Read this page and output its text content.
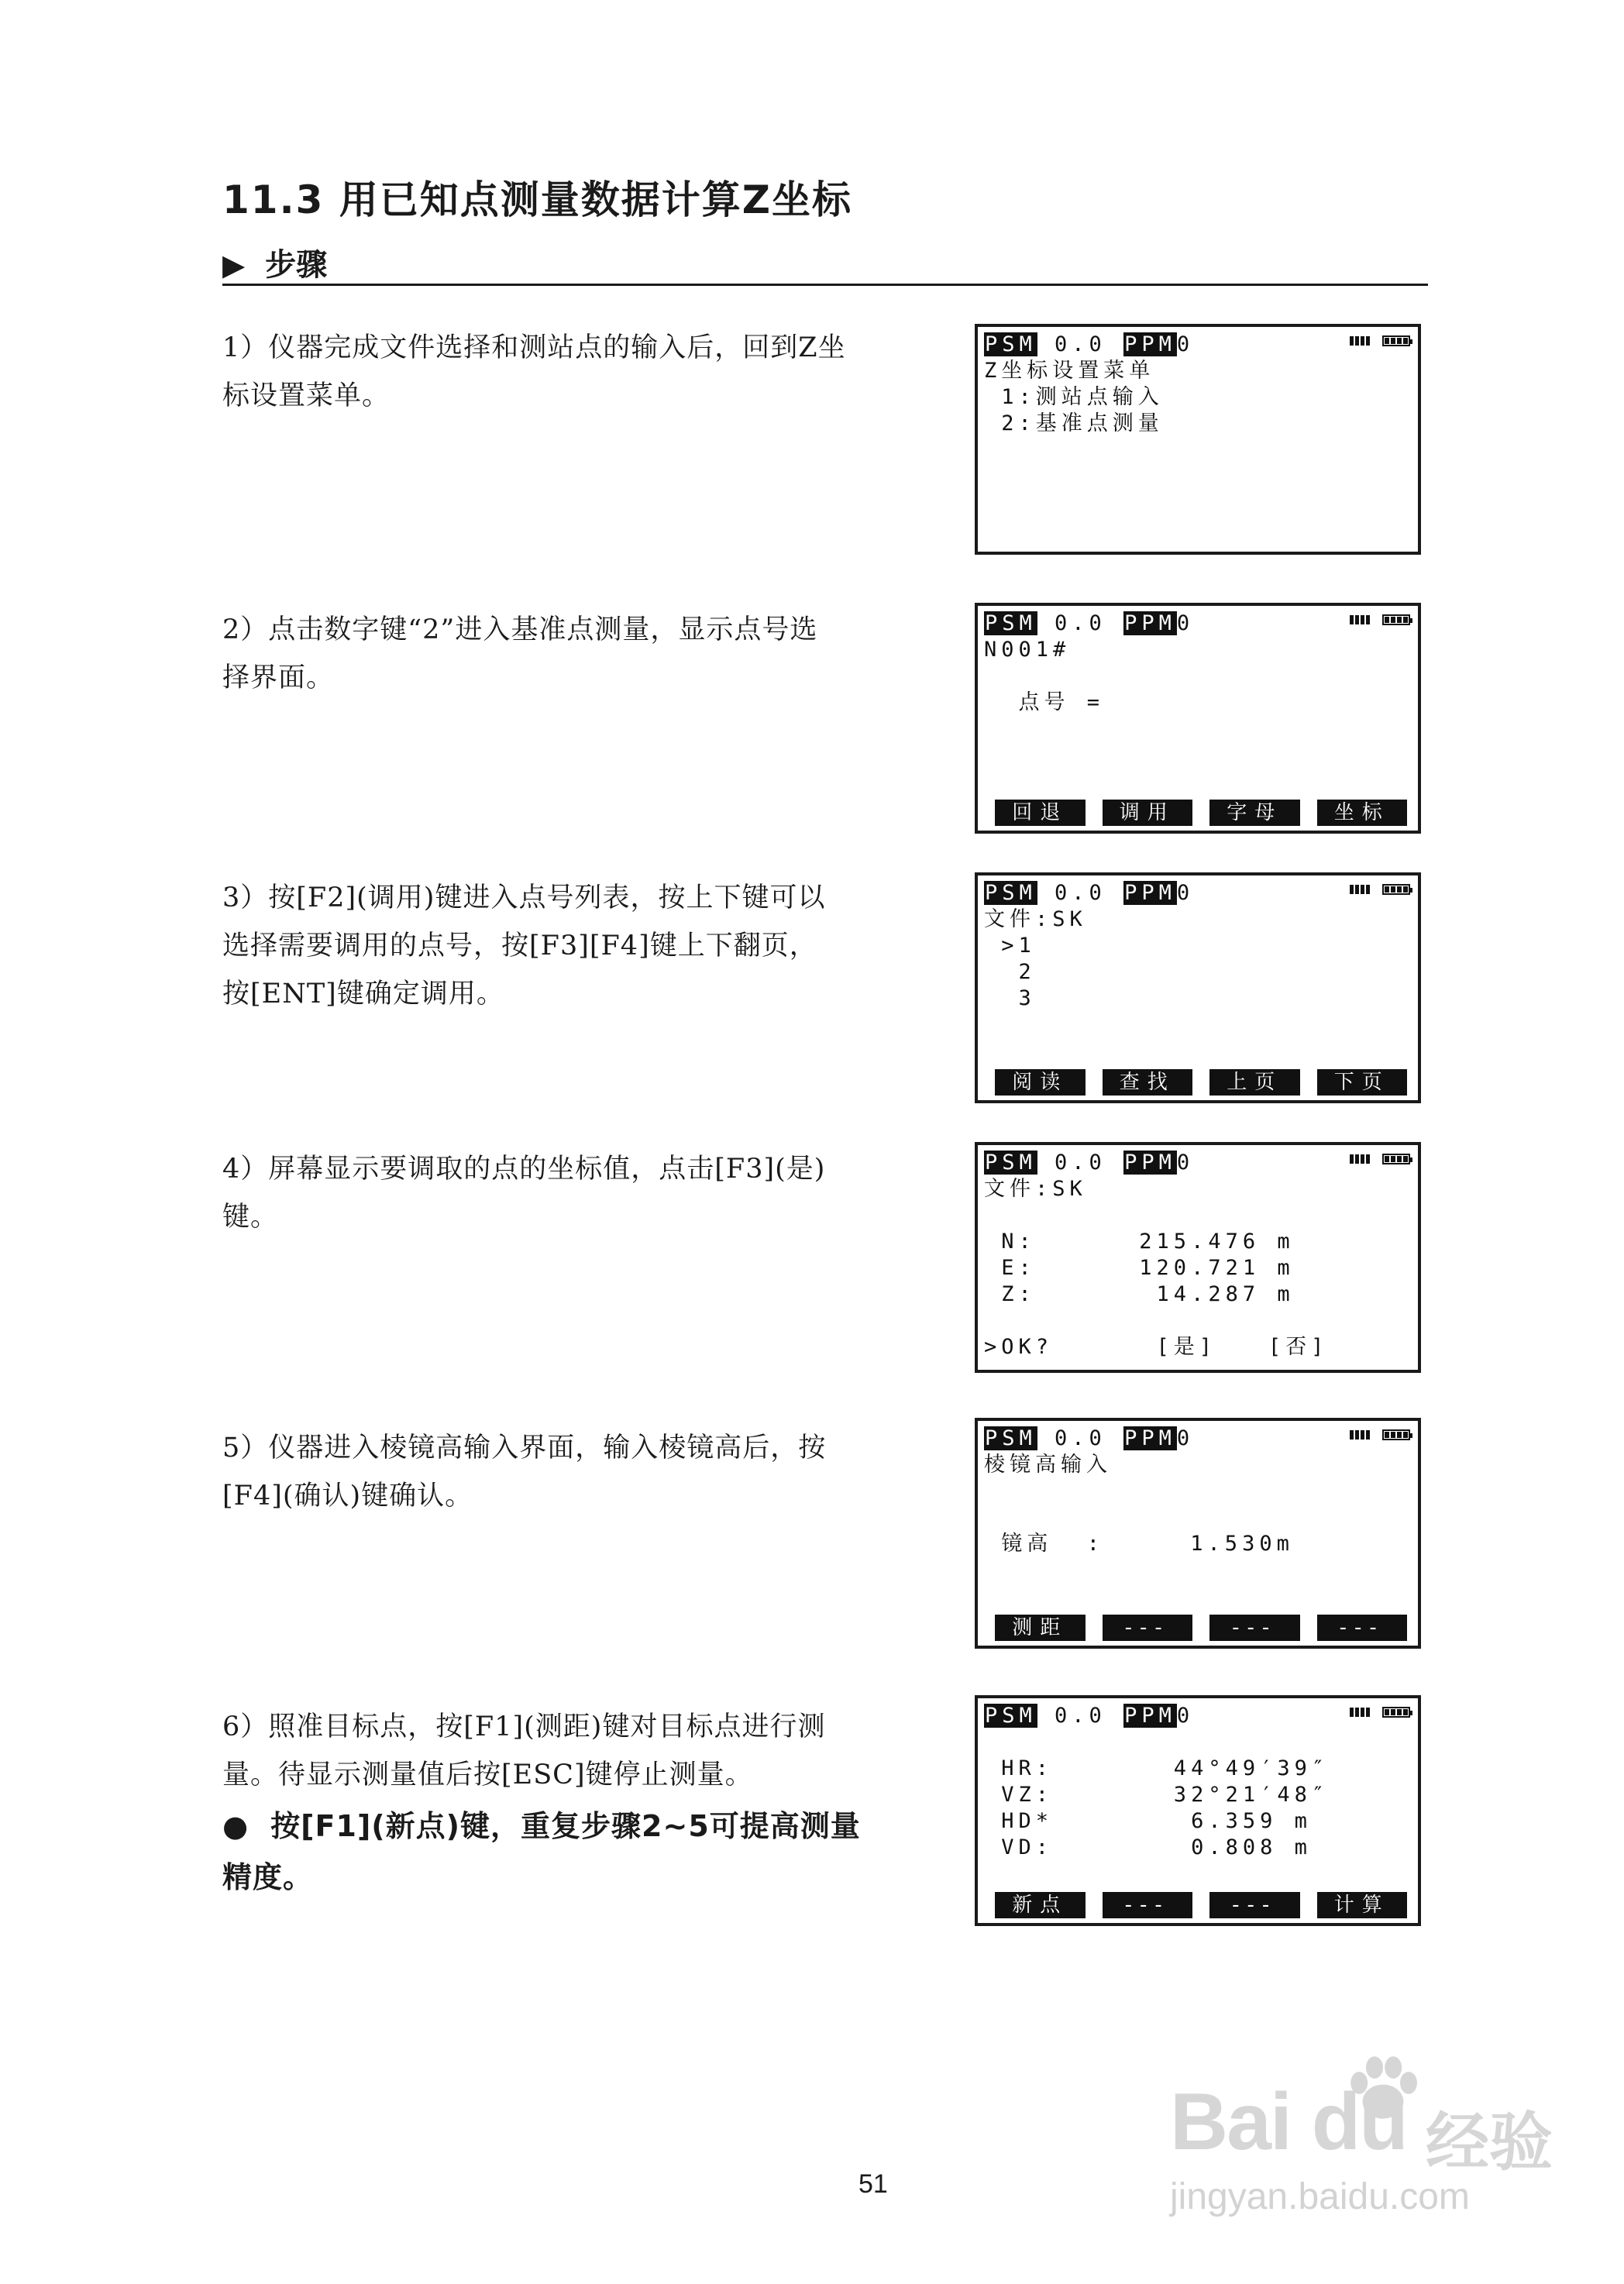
11.3 用已知点测量数据计算Z坐标
▶ 步骤

1）仪器完成文件选择和测站点的输入后，回到Z坐

标设置菜单。

2）点击数字键“2”进入基准点测量，显示点号选

择界面。

3）按[F2](调用)键进入点号列表，按上下键可以

选择需要调用的点号，按[F3][F4]键上下翻页，

按[ENT]键确定调用。

4）屏幕显示要调取的点的坐标值，点击[F3](是)

键。

5）仪器进入棱镜高输入界面，输入棱镜高后，按

[F4](确认)键确认。

6）照准目标点，按[F1](测距)键对目标点进行测

量。待显示测量值后按[ESC]键停止测量。

● 按[F1](新点)键，重复步骤2~5可提高测量

精度。

PSM 0.0 PPM0
Z坐标设置菜单
1:测站点输入
2:基准点测量
PSM 0.0 PPM0
N001#
点号 =
回退	调用	字母	坐标
PSM 0.0 PPM0
文件:SK
>1
2
3
阅读	查找	上页	下页
PSM 0.0 PPM0
文件:SK
N:      215.476 m
E:      120.721 m
Z:       14.287 m
>OK?      [是]   [否]
PSM 0.0 PPM0
棱镜高输入
镜高  :     1.530m
测距	---	---	---
PSM 0.0 PPM0
HR:       44°49′39″
VZ:       32°21′48″
HD*        6.359 m
VD:        0.808 m
新点	---	---	计算
51
Bai du 经验
jingyan.baidu.com
